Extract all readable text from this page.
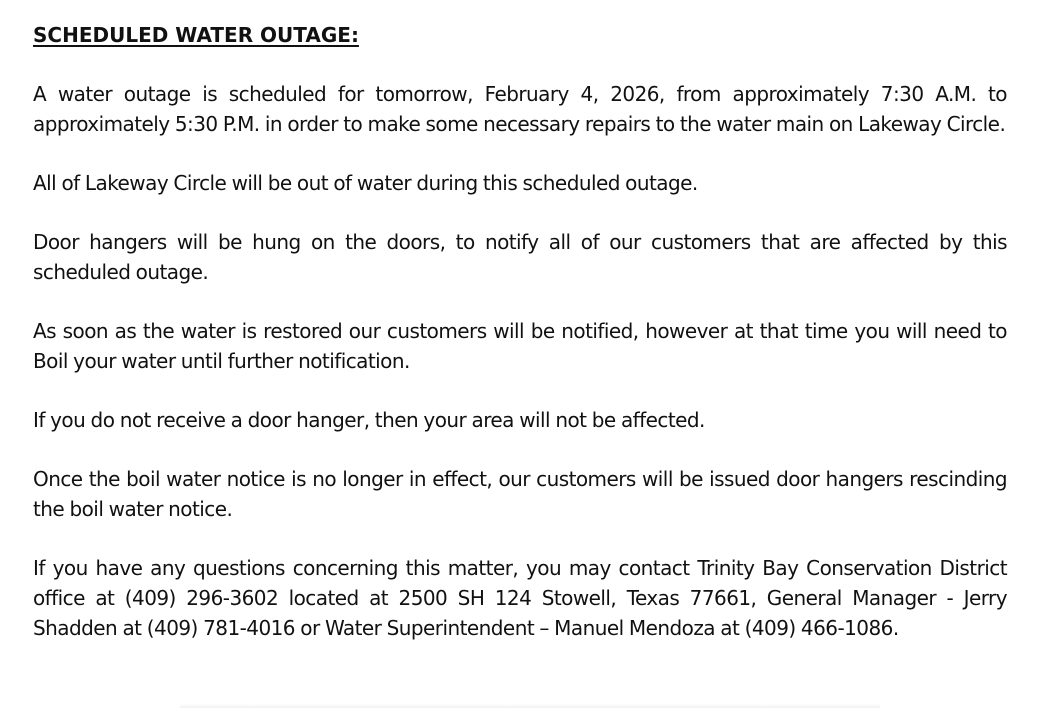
SCHEDULED WATER OUTAGE:

A water outage is scheduled for tomorrow, February 4, 2026, from approximately 7:30 A.M. to approximately 5:30 P.M. in order to make some necessary repairs to the water main on Lakeway Circle.

All of Lakeway Circle will be out of water during this scheduled outage.

Door hangers will be hung on the doors, to notify all of our customers that are affected by this scheduled outage.

As soon as the water is restored our customers will be notified, however at that time you will need to Boil your water until further notification.

If you do not receive a door hanger, then your area will not be affected.

Once the boil water notice is no longer in effect, our customers will be issued door hangers rescinding the boil water notice.

If you have any questions concerning this matter, you may contact Trinity Bay Conservation District office at (409) 296-3602 located at 2500 SH 124 Stowell, Texas 77661, General Manager - Jerry Shadden at (409) 781-4016 or Water Superintendent – Manuel Mendoza at (409) 466-1086.
